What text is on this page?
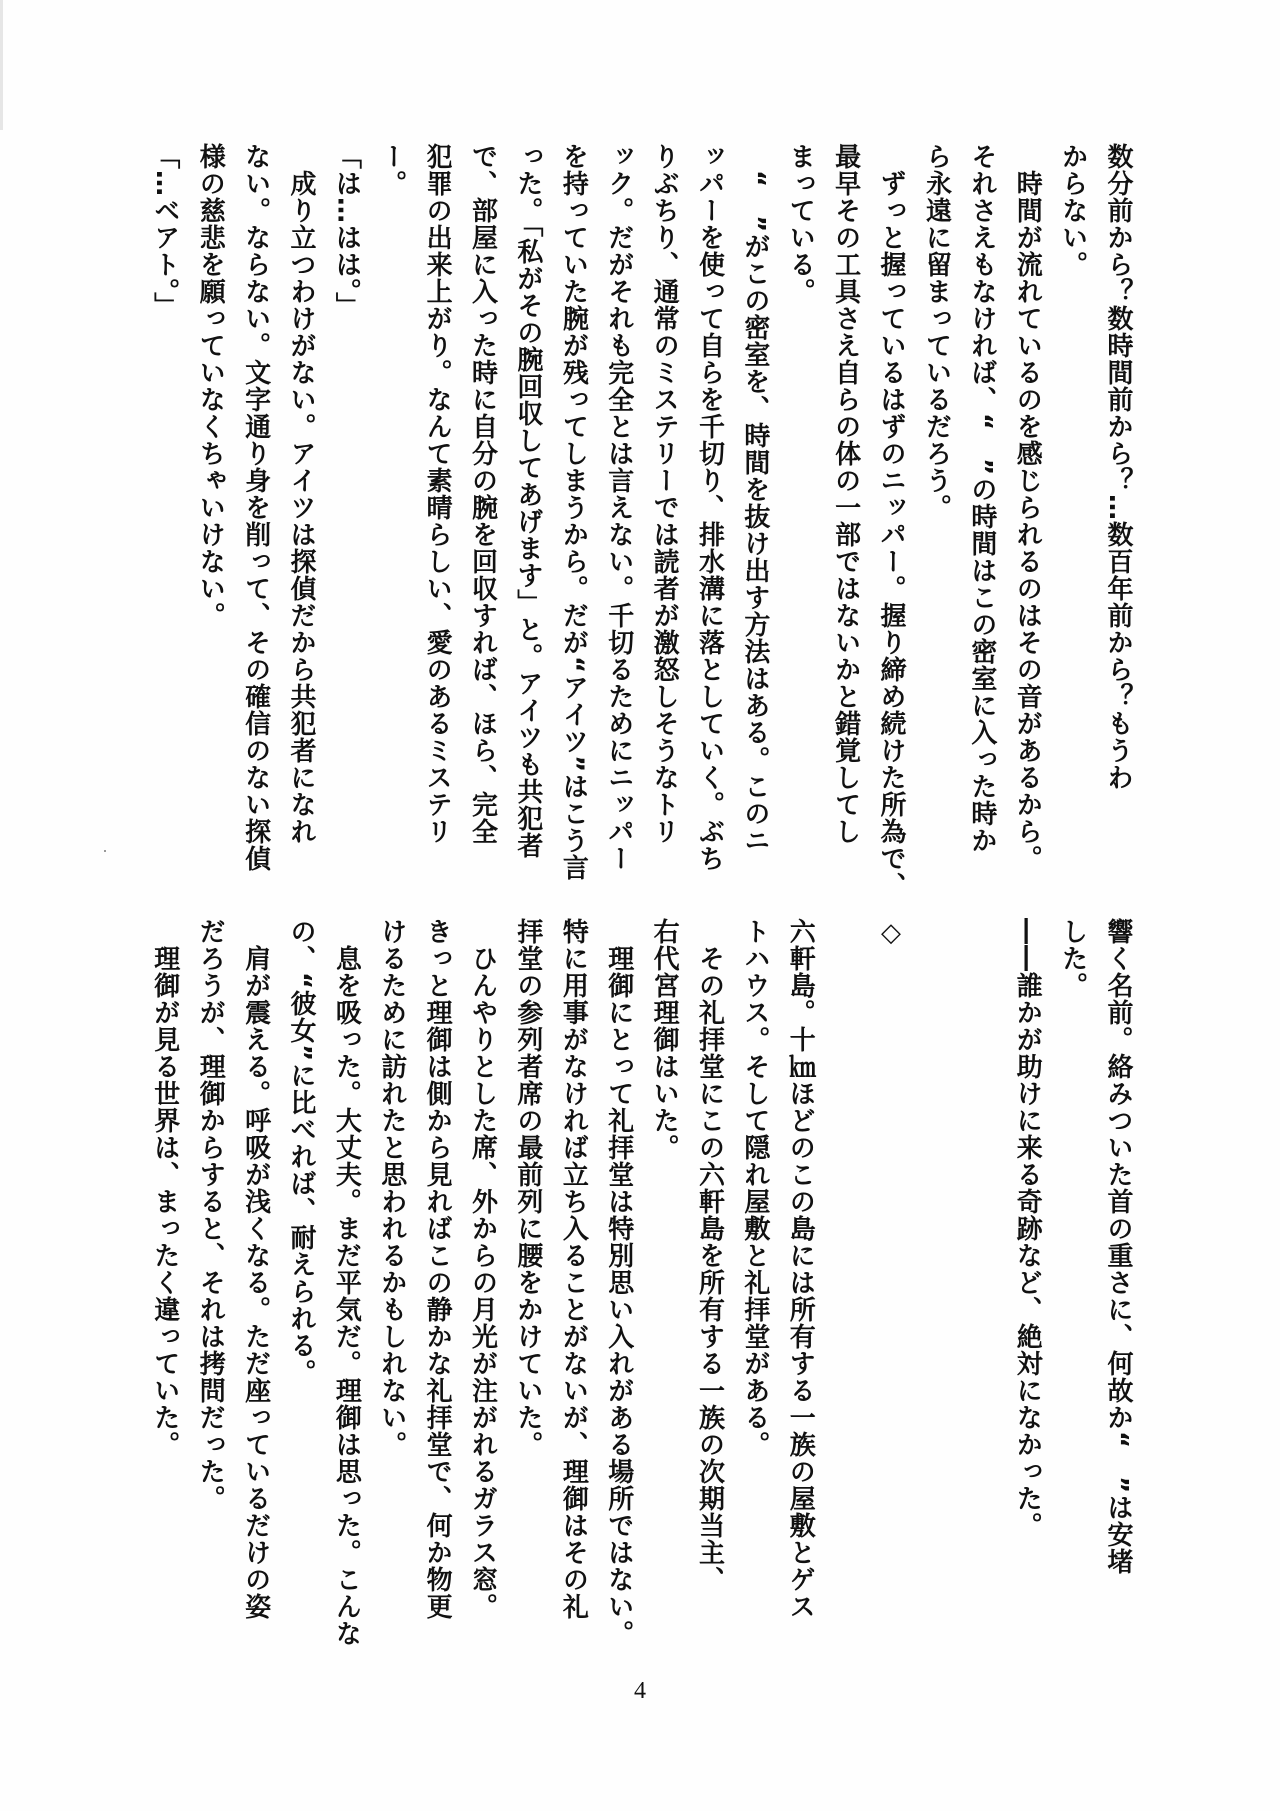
数分前から？数時間前から？…数百年前から？もうわ
からない。
　時間が流れているのを感じられるのはその音があるから。
それさえもなければ、“　”の時間はこの密室に入った時か
ら永遠に留まっているだろう。
　ずっと握っているはずのニッパー。握り締め続けた所為で、
最早その工具さえ自らの体の一部ではないかと錯覚してし
まっている。
　“　”がこの密室を、時間を抜け出す方法はある。このニ
ッパーを使って自らを千切り、排水溝に落としていく。ぶち
りぶちり、通常のミステリーでは読者が激怒しそうなトリ
ック。だがそれも完全とは言えない。千切るためにニッパー
を持っていた腕が残ってしまうから。だが“アイツ”はこう言
った。「私がその腕回収してあげます」と。アイツも共犯者
で、部屋に入った時に自分の腕を回収すれば、ほら、完全
犯罪の出来上がり。なんて素晴らしい、愛のあるミステリ
ー。
「は…はは。」
　成り立つわけがない。アイツは探偵だから共犯者になれ
ない。ならない。文字通り身を削って、その確信のない探偵
様の慈悲を願っていなくちゃいけない。
「…ベアト。」
響く名前。絡みついた首の重さに、何故か“　”は安堵
した。
――誰かが助けに来る奇跡など、絶対になかった。
◇
六軒島。十㎞ほどのこの島には所有する一族の屋敷とゲス
トハウス。そして隠れ屋敷と礼拝堂がある。
　その礼拝堂にこの六軒島を所有する一族の次期当主、
右代宮理御はいた。
　理御にとって礼拝堂は特別思い入れがある場所ではない。
特に用事がなければ立ち入ることがないが、理御はその礼
拝堂の参列者席の最前列に腰をかけていた。
　ひんやりとした席、外からの月光が注がれるガラス窓。
きっと理御は側から見ればこの静かな礼拝堂で、何か物更
けるために訪れたと思われるかもしれない。
　息を吸った。大丈夫。まだ平気だ。理御は思った。こんな
の、“彼女”に比べれば、耐えられる。
　肩が震える。呼吸が浅くなる。ただ座っているだけの姿
だろうが、理御からすると、それは拷問だった。
　理御が見る世界は、まったく違っていた。
4
